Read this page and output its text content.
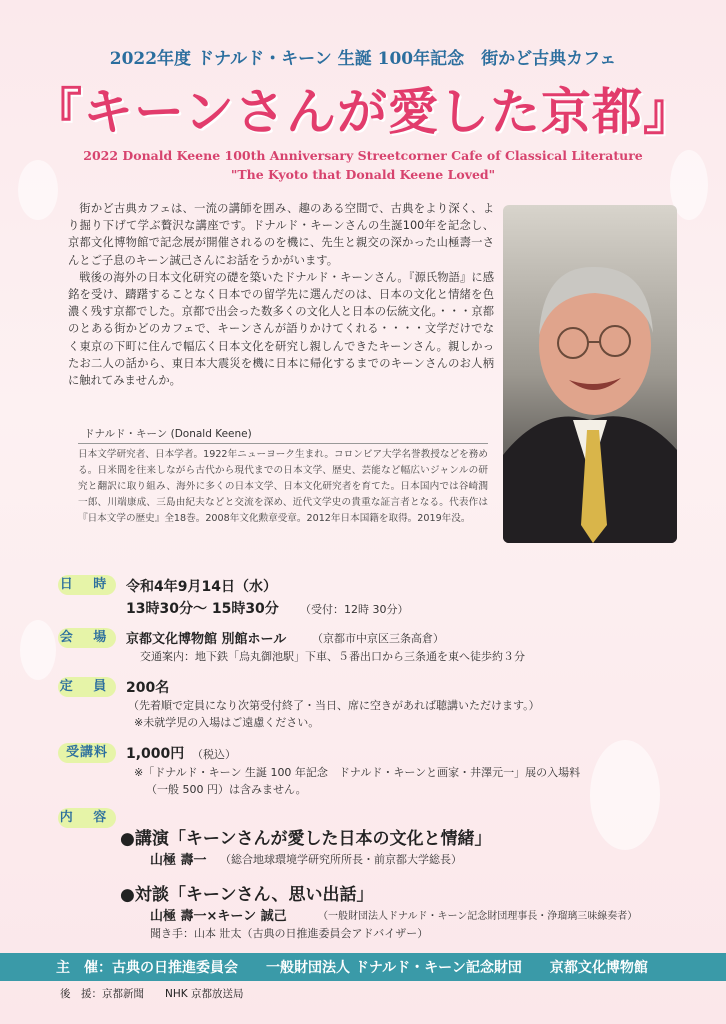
2022年度 ドナルド・キーン 生誕 100年記念　街かど古典カフェ
『キーンさんが愛した京都』
2022 Donald Keene 100th Anniversary Streetcorner Cafe of Classical Literature
"The Kyoto that Donald Keene Loved"

街かど古典カフェは、一流の講師を囲み、趣のある空間で、古典をより深く、より掘り下げて学ぶ贅沢な講座です。ドナルド・キーンさんの生誕100年を記念し、京都文化博物館で記念展が開催されるのを機に、先生と親交の深かった山極壽一さんとご子息のキーン誠己さんにお話をうかがいます。

戦後の海外の日本文化研究の礎を築いたドナルド・キーンさん。『源氏物語』に感銘を受け、躊躇することなく日本での留学先に選んだのは、日本の文化と情緒を色濃く残す京都でした。京都で出会った数多くの文化人と日本の伝統文化。・・・京都のとある街かどのカフェで、キーンさんが語りかけてくれる・・・・文学だけでなく東京の下町に住んで幅広く日本文化を研究し親しんできたキーンさん。親しかったお二人の話から、東日本大震災を機に日本に帰化するまでのキーンさんのお人柄に触れてみませんか。

ドナルド・キーン (Donald Keene)
日本文学研究者、日本学者。1922年ニューヨーク生まれ。コロンビア大学名誉教授などを務める。日米間を往来しながら古代から現代までの日本文学、歴史、芸能など幅広いジャンルの研究と翻訳に取り組み、海外に多くの日本文学、日本文化研究者を育てた。日本国内では谷崎潤一郎、川端康成、三島由紀夫などと交流を深め、近代文学史の貴重な証言者となる。代表作は『日本文学の歴史』全18巻。2008年文化勲章受章。2012年日本国籍を取得。2019年没。
日 時 令和4年9月14日（水）
13時30分～ 15時30分 （受付：12時 30分）
会 場 京都文化博物館 別館ホール （京都市中京区三条高倉）
交通案内：地下鉄「烏丸御池駅」下車、５番出口から三条通を東へ徒歩約３分
定 員 200名
（先着順で定員になり次第受付終了・当日、席に空きがあれば聴講いただけます。）
※未就学児の入場はご遠慮ください。
受講料	1,000円 （税込）
※「ドナルド・キーン 生誕 100 年記念　ドナルド・キーンと画家・井澤元一」展の入場料
（一般 500 円）は含みません。
内 容
●講演「キーンさんが愛した日本の文化と情緒」
山極 壽一 （総合地球環境学研究所所長・前京都大学総長）
●対談「キーンさん、思い出話」
山極 壽一×キーン 誠己	（一般財団法人ドナルド・キーン記念財団理事長・浄瑠璃三味線奏者）
聞き手：山本 壯太（古典の日推進委員会アドバイザー）
主　催：古典の日推進委員会　　一般財団法人 ドナルド・キーン記念財団　　京都文化博物館
後　援：京都新聞　　NHK 京都放送局
